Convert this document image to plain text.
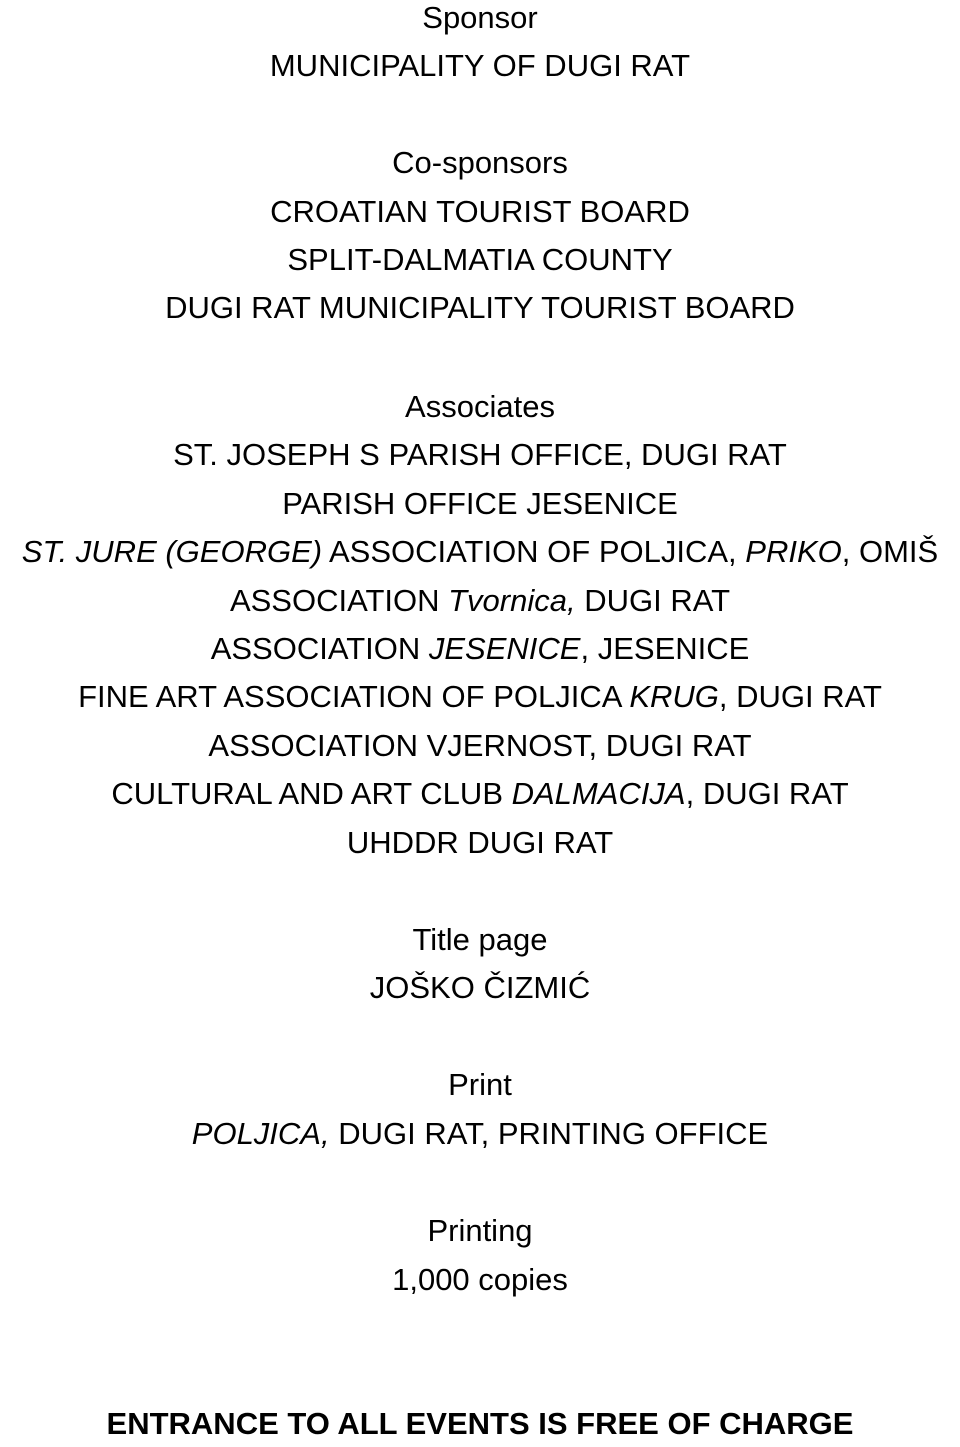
Sponsor
MUNICIPALITY OF DUGI RAT
Co-sponsors
CROATIAN TOURIST BOARD
SPLIT-DALMATIA COUNTY
DUGI RAT MUNICIPALITY TOURIST BOARD
Associates
ST. JOSEPH S PARISH OFFICE, DUGI RAT
PARISH OFFICE JESENICE
ST. JURE (GEORGE) ASSOCIATION OF POLJICA, PRIKO, OMIŠ
ASSOCIATION Tvornica, DUGI RAT
ASSOCIATION JESENICE, JESENICE
FINE ART ASSOCIATION OF POLJICA KRUG, DUGI RAT
ASSOCIATION VJERNOST, DUGI RAT
CULTURAL AND ART CLUB DALMACIJA, DUGI RAT
UHDDR DUGI RAT
Title page
JOŠKO ČIZMIĆ
Print
POLJICA, DUGI RAT, PRINTING OFFICE
Printing
1,000 copies
ENTRANCE TO ALL EVENTS IS FREE OF CHARGE
